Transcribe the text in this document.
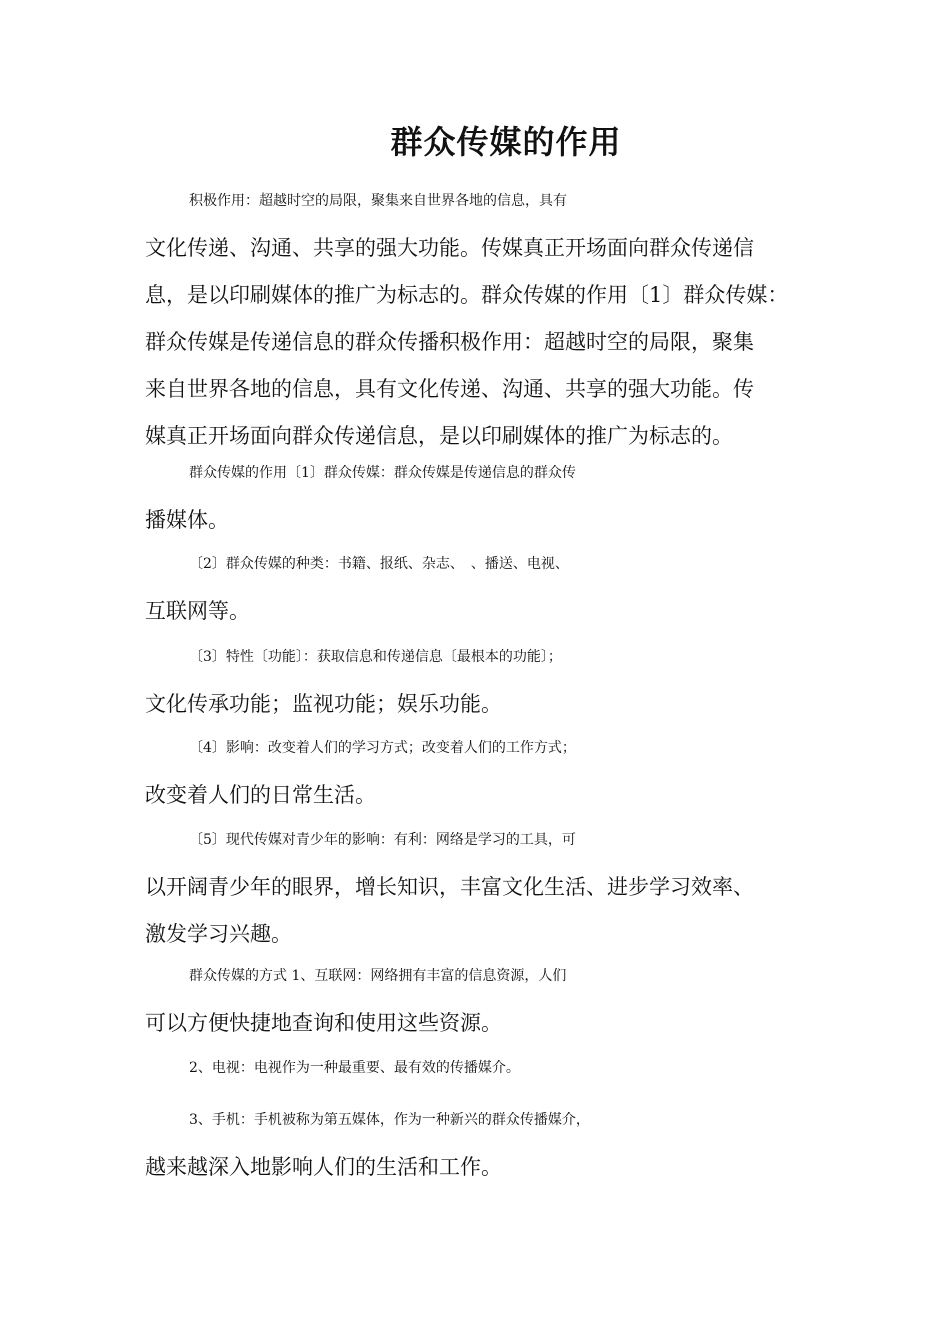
群众传媒的作用

积极作用：超越时空的局限，聚集来自世界各地的信息，具有
文化传递、沟通、共享的强大功能。传媒真正开场面向群众传递信
息，是以印刷媒体的推广为标志的。群众传媒的作用〔1〕群众传媒：
群众传媒是传递信息的群众传播积极作用：超越时空的局限，聚集
来自世界各地的信息，具有文化传递、沟通、共享的强大功能。传
媒真正开场面向群众传递信息，是以印刷媒体的推广为标志的。

群众传媒的作用〔1〕群众传媒：群众传媒是传递信息的群众传
播媒体。

〔2〕群众传媒的种类：书籍、报纸、杂志、　、播送、电视、
互联网等。

〔3〕特性〔功能〕：获取信息和传递信息〔最根本的功能〕；
文化传承功能；监视功能；娱乐功能。

〔4〕影响：改变着人们的学习方式；改变着人们的工作方式；
改变着人们的日常生活。

〔5〕现代传媒对青少年的影响：有利：网络是学习的工具，可
以开阔青少年的眼界，增长知识，丰富文化生活、进步学习效率、
激发学习兴趣。

群众传媒的方式 1、互联网：网络拥有丰富的信息资源，人们
可以方便快捷地查询和使用这些资源。

2、电视：电视作为一种最重要、最有效的传播媒介。

3、手机：手机被称为第五媒体，作为一种新兴的群众传播媒介，
越来越深入地影响人们的生活和工作。
